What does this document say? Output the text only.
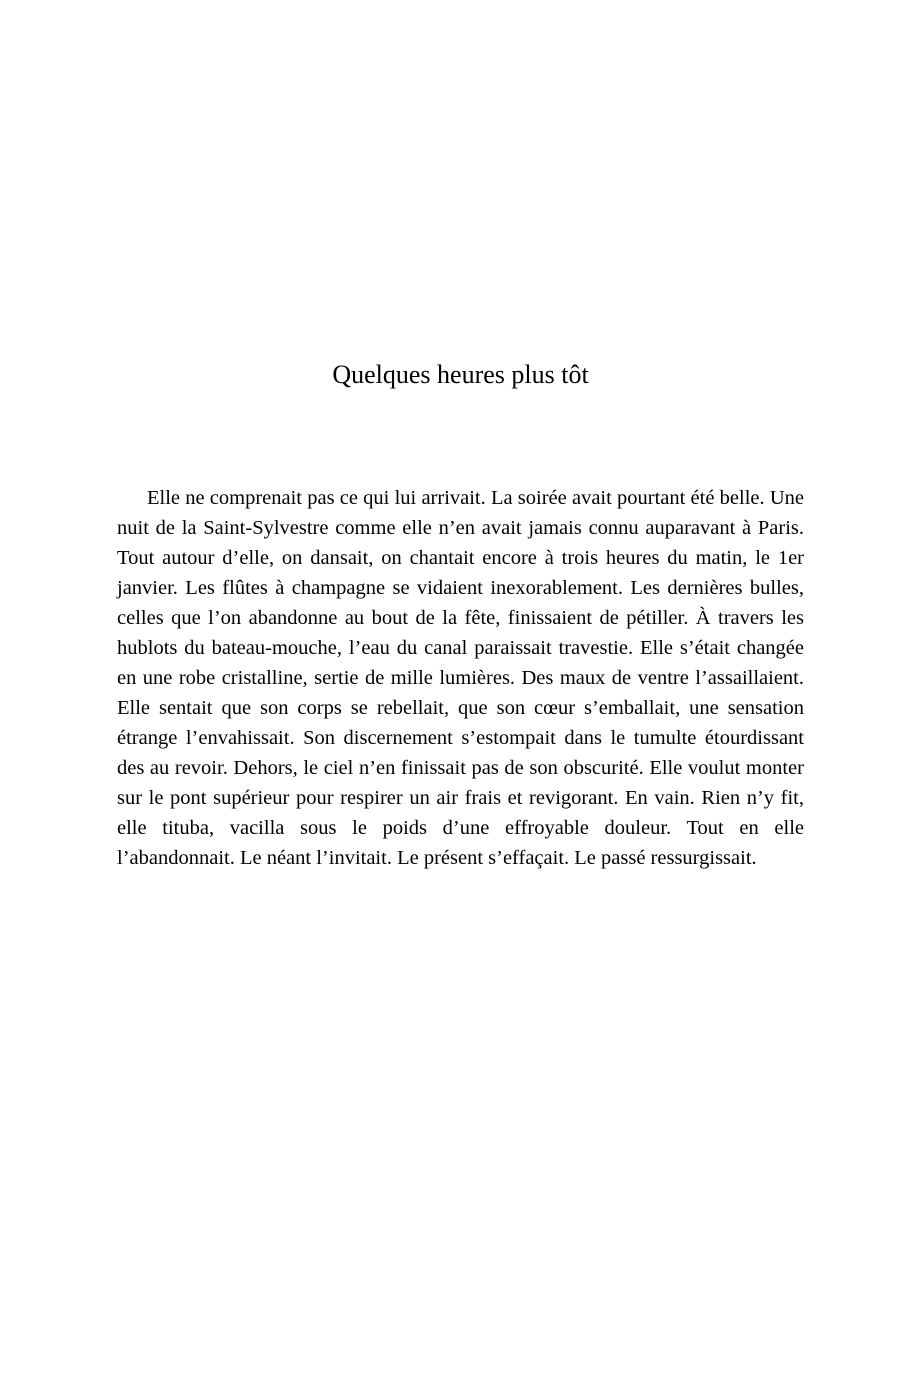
Quelques heures plus tôt

Elle ne comprenait pas ce qui lui arrivait. La soirée avait pourtant été belle. Une nuit de la Saint-Sylvestre comme elle n’en avait jamais connu auparavant à Paris. Tout autour d’elle, on dansait, on chantait encore à trois heures du matin, le 1er janvier. Les flûtes à champagne se vidaient inexorablement. Les dernières bulles, celles que l’on abandonne au bout de la fête, finissaient de pétiller. À travers les hublots du bateau-mouche, l’eau du canal paraissait travestie. Elle s’était changée en une robe cristalline, sertie de mille lumières. Des maux de ventre l’assaillaient. Elle sentait que son corps se rebellait, que son cœur s’emballait, une sensation étrange l’envahissait. Son discernement s’estompait dans le tumulte étourdissant des au revoir. Dehors, le ciel n’en finissait pas de son obscurité. Elle voulut monter sur le pont supérieur pour respirer un air frais et revigorant. En vain. Rien n’y fit, elle tituba, vacilla sous le poids d’une effroyable douleur. Tout en elle l’abandonnait. Le néant l’invitait. Le présent s’effaçait. Le passé ressurgissait.
